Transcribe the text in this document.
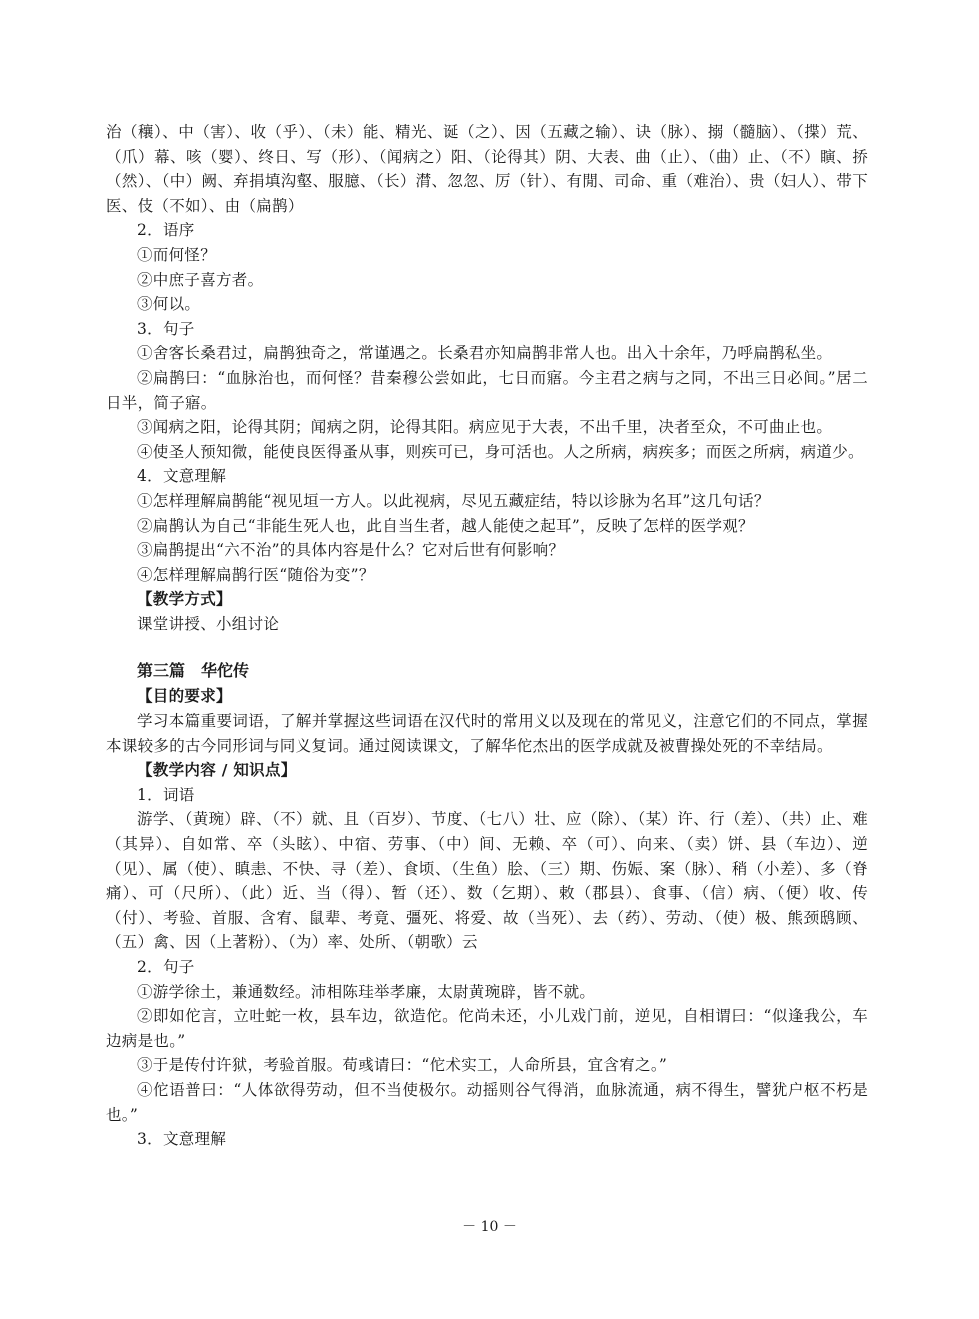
治（穰）、中（害）、收（乎）、（未）能、精光、诞（之）、因（五藏之输）、诀（脉）、搦（髓脑）、（揲）荒、（爪）幕、咳（婴）、终日、写（形）、（闻病之）阳、（论得其）阴、大表、曲（止）、（曲）止、（不）瞚、挢（然）、（中）阙、弃捐填沟壑、服臆、（长）潸、忽忽、厉（针）、有閒、司命、重（难治）、贵（妇人）、带下医、伎（不如）、由（扁鹊）

2．语序

①而何怪？

②中庶子喜方者。

③何以。

3．句子

①舍客长桑君过，扁鹊独奇之，常谨遇之。长桑君亦知扁鹊非常人也。出入十余年，乃呼扁鹊私坐。

②扁鹊曰：“血脉治也，而何怪？昔秦穆公尝如此，七日而寤。今主君之病与之同，不出三日必间。”居二日半，简子寤。

③闻病之阳，论得其阴；闻病之阴，论得其阳。病应见于大表，不出千里，决者至众，不可曲止也。

④使圣人预知微，能使良医得蚤从事，则疾可已，身可活也。人之所病，病疾多；而医之所病，病道少。

4．文意理解

①怎样理解扁鹊能“视见垣一方人。以此视病，尽见五藏症结，特以诊脉为名耳”这几句话？

②扁鹊认为自己“非能生死人也，此自当生者，越人能使之起耳”，反映了怎样的医学观？

③扁鹊提出“六不治”的具体内容是什么？它对后世有何影响？

④怎样理解扁鹊行医“随俗为变”？

【教学方式】

课堂讲授、小组讨论

第三篇　华佗传

【目的要求】

学习本篇重要词语，了解并掌握这些词语在汉代时的常用义以及现在的常见义，注意它们的不同点，掌握本课较多的古今同形词与同义复词。通过阅读课文，了解华佗杰出的医学成就及被曹操处死的不幸结局。

【教学内容 / 知识点】

1．词语

游学、（黄琬）辟、（不）就、且（百岁）、节度、（七八）壮、应（除）、（某）许、行（差）、（共）止、难（其异）、自如常、卒（头眩）、中宿、劳事、（中）间、无赖、卒（可）、向来、（卖）饼、县（车边）、逆（见）、属（使）、瞋恚、不快、寻（差）、食顷、（生鱼）脍、（三）期、伤娠、案（脉）、稍（小差）、多（脊痛）、可（尺所）、（此）近、当（得）、暂（还）、数（乞期）、敕（郡县）、食事、（信）病、（便）收、传（付）、考验、首服、含宥、鼠辈、考竟、彊死、将爱、故（当死）、去（药）、劳动、（使）极、熊颈鸱顾、（五）禽、因（上著粉）、（为）率、处所、（朝歌）云

2．句子

①游学徐土，兼通数经。沛相陈珪举孝廉，太尉黄琬辟，皆不就。

②即如佗言，立吐蛇一枚，县车边，欲造佗。佗尚未还，小儿戏门前，逆见，自相谓曰：“似逢我公，车边病是也。”

③于是传付许狱，考验首服。荀彧请曰：“佗术实工，人命所县，宜含宥之。”

④佗语普曰：“人体欲得劳动，但不当使极尔。动摇则谷气得消，血脉流通，病不得生，譬犹户枢不朽是也。”

3．文意理解

－ 10 －
